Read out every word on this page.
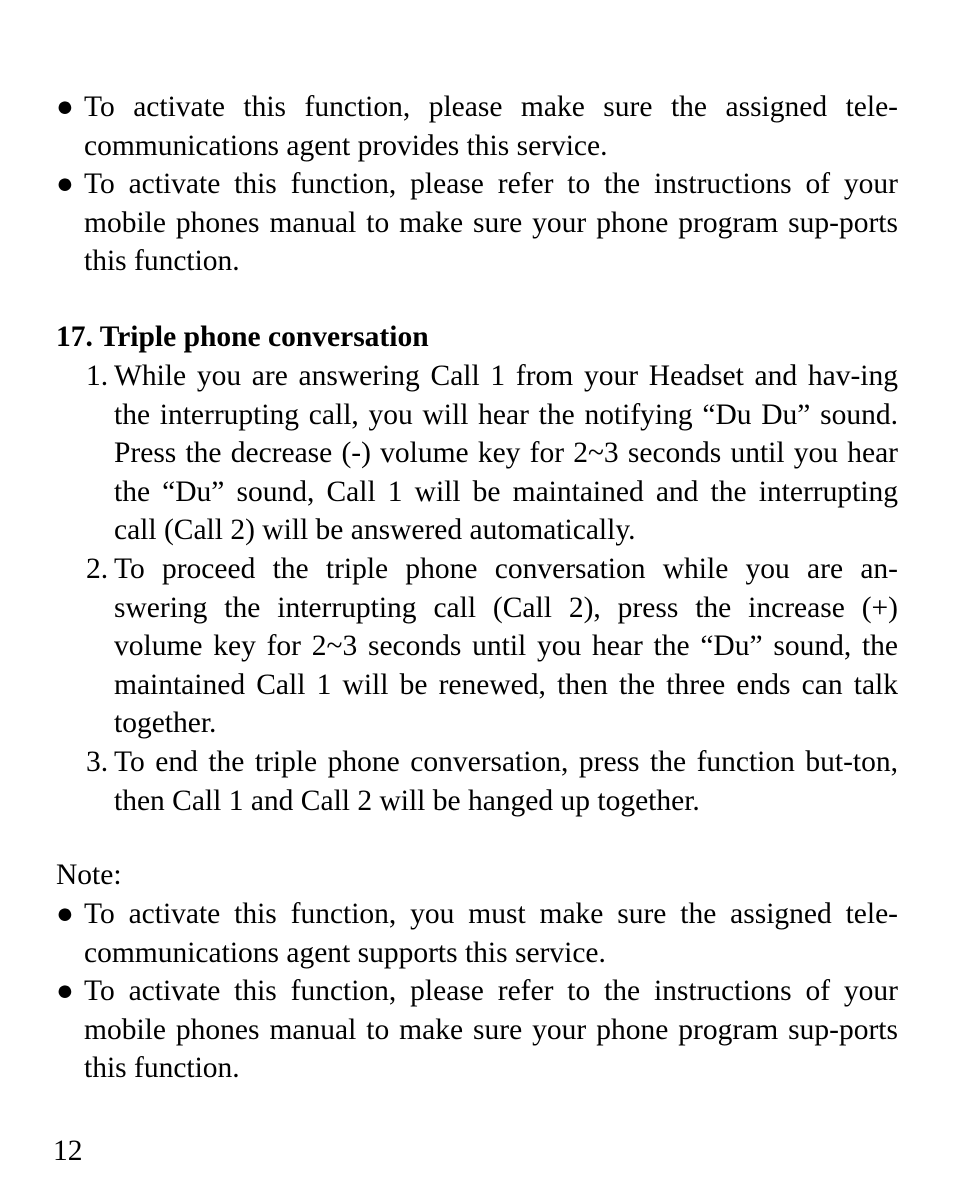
● To activate this function, please make sure the assigned tele-communications agent provides this service.
● To activate this function, please refer to the instructions of your mobile phones manual to make sure your phone program sup-ports this function.
17. Triple phone conversation
1. While you are answering Call 1 from your Headset and hav-ing the interrupting call, you will hear the notifying “Du Du” sound. Press the decrease (-) volume key for 2~3 seconds until you hear the “Du” sound, Call 1 will be maintained and the interrupting call (Call 2) will be answered automatically.
2. To proceed the triple phone conversation while you are an-swering the interrupting call (Call 2), press the increase (+) volume key for 2~3 seconds until you hear the “Du” sound, the maintained Call 1 will be renewed, then the three ends can talk together.
3. To end the triple phone conversation, press the function but-ton, then Call 1 and Call 2 will be hanged up together.
Note:
● To activate this function, you must make sure the assigned tele-communications agent supports this service.
● To activate this function, please refer to the instructions of your mobile phones manual to make sure your phone program sup-ports this function.
12
